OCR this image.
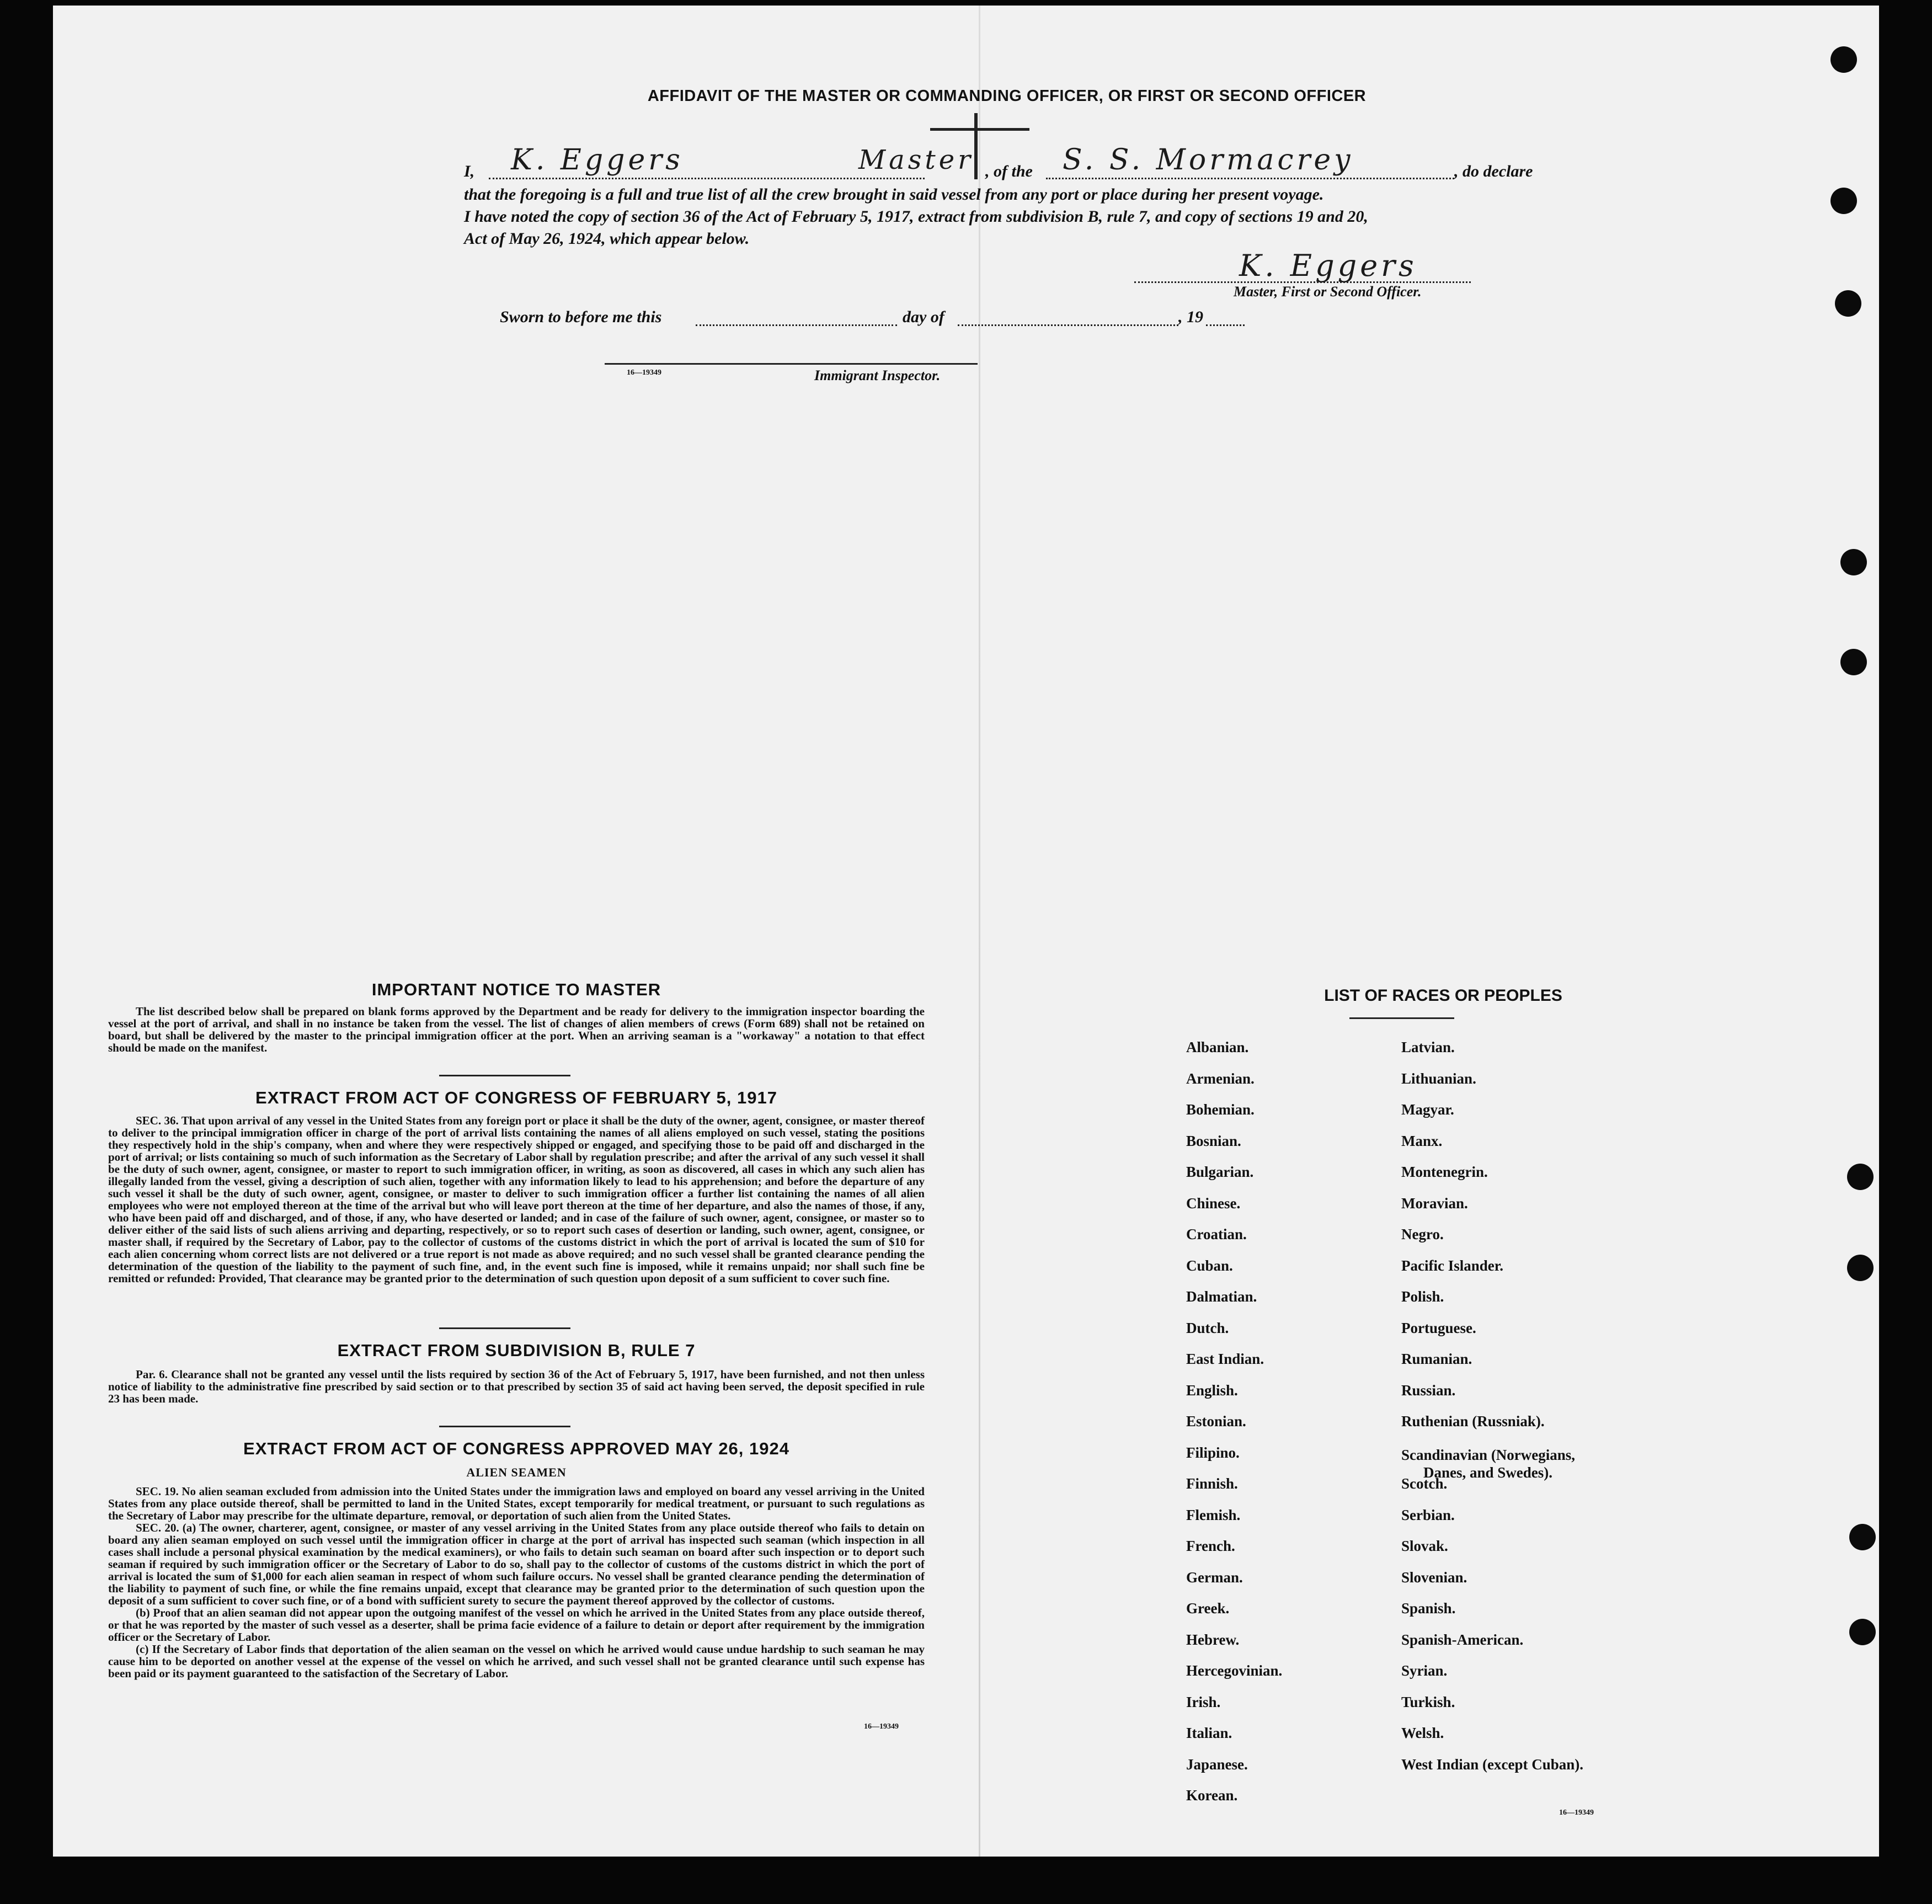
AFFIDAVIT OF THE MASTER OR COMMANDING OFFICER, OR FIRST OR SECOND OFFICER
I, K. Eggers	Master , of the S. S. Mormacrey	, do declare
that the foregoing is a full and true list of all the crew brought in said vessel from any port or place during her present voyage.
I have noted the copy of section 36 of the Act of February 5, 1917, extract from subdivision B, rule 7, and copy of sections 19 and 20,
Act of May 26, 1924, which appear below.
K. Eggers
Master, First or Second Officer.
Sworn to before me this	day of	, 19
16—19349	Immigrant Inspector.
IMPORTANT NOTICE TO MASTER

The list described below shall be prepared on blank forms approved by the Department and be ready for delivery to the immigration inspector boarding the vessel at the port of arrival, and shall in no instance be taken from the vessel. The list of changes of alien members of crews (Form 689) shall not be retained on board, but shall be delivered by the master to the principal immigration officer at the port. When an arriving seaman is a "workaway" a notation to that effect should be made on the manifest.

EXTRACT FROM ACT OF CONGRESS OF FEBRUARY 5, 1917

SEC. 36. That upon arrival of any vessel in the United States from any foreign port or place it shall be the duty of the owner, agent, consignee, or master thereof to deliver to the principal immigration officer in charge of the port of arrival lists containing the names of all aliens employed on such vessel, stating the positions they respectively hold in the ship's company, when and where they were respectively shipped or engaged, and specifying those to be paid off and discharged in the port of arrival; or lists containing so much of such information as the Secretary of Labor shall by regulation prescribe; and after the arrival of any such vessel it shall be the duty of such owner, agent, consignee, or master to report to such immigration officer, in writing, as soon as discovered, all cases in which any such alien has illegally landed from the vessel, giving a description of such alien, together with any information likely to lead to his apprehension; and before the departure of any such vessel it shall be the duty of such owner, agent, consignee, or master to deliver to such immigration officer a further list containing the names of all alien employees who were not employed thereon at the time of the arrival but who will leave port thereon at the time of her departure, and also the names of those, if any, who have been paid off and discharged, and of those, if any, who have deserted or landed; and in case of the failure of such owner, agent, consignee, or master so to deliver either of the said lists of such aliens arriving and departing, respectively, or so to report such cases of desertion or landing, such owner, agent, consignee, or master shall, if required by the Secretary of Labor, pay to the collector of customs of the customs district in which the port of arrival is located the sum of $10 for each alien concerning whom correct lists are not delivered or a true report is not made as above required; and no such vessel shall be granted clearance pending the determination of the question of the liability to the payment of such fine, and, in the event such fine is imposed, while it remains unpaid; nor shall such fine be remitted or refunded: Provided, That clearance may be granted prior to the determination of such question upon deposit of a sum sufficient to cover such fine.

EXTRACT FROM SUBDIVISION B, RULE 7

Par. 6. Clearance shall not be granted any vessel until the lists required by section 36 of the Act of February 5, 1917, have been furnished, and not then unless notice of liability to the administrative fine prescribed by said section or to that prescribed by section 35 of said act having been served, the deposit specified in rule 23 has been made.

EXTRACT FROM ACT OF CONGRESS APPROVED MAY 26, 1924
ALIEN SEAMEN

SEC. 19. No alien seaman excluded from admission into the United States under the immigration laws and employed on board any vessel arriving in the United States from any place outside thereof, shall be permitted to land in the United States, except temporarily for medical treatment, or pursuant to such regulations as the Secretary of Labor may prescribe for the ultimate departure, removal, or deportation of such alien from the United States.

SEC. 20. (a) The owner, charterer, agent, consignee, or master of any vessel arriving in the United States from any place outside thereof who fails to detain on board any alien seaman employed on such vessel until the immigration officer in charge at the port of arrival has inspected such seaman (which inspection in all cases shall include a personal physical examination by the medical examiners), or who fails to detain such seaman on board after such inspection or to deport such seaman if required by such immigration officer or the Secretary of Labor to do so, shall pay to the collector of customs of the customs district in which the port of arrival is located the sum of $1,000 for each alien seaman in respect of whom such failure occurs. No vessel shall be granted clearance pending the determination of the liability to payment of such fine, or while the fine remains unpaid, except that clearance may be granted prior to the determination of such question upon the deposit of a sum sufficient to cover such fine, or of a bond with sufficient surety to secure the payment thereof approved by the collector of customs.

(b) Proof that an alien seaman did not appear upon the outgoing manifest of the vessel on which he arrived in the United States from any place outside thereof, or that he was reported by the master of such vessel as a deserter, shall be prima facie evidence of a failure to detain or deport after requirement by the immigration officer or the Secretary of Labor.

(c) If the Secretary of Labor finds that deportation of the alien seaman on the vessel on which he arrived would cause undue hardship to such seaman he may cause him to be deported on another vessel at the expense of the vessel on which he arrived, and such vessel shall not be granted clearance until such expense has been paid or its payment guaranteed to the satisfaction of the Secretary of Labor.

16—19349
LIST OF RACES OR PEOPLES
16—19349
Albanian.
Armenian.
Bohemian.
Bosnian.
Bulgarian.
Chinese.
Croatian.
Cuban.
Dalmatian.
Dutch.
East Indian.
English.
Estonian.
Filipino.
Finnish.
Flemish.
French.
German.
Greek.
Hebrew.
Hercegovinian.
Irish.
Italian.
Japanese.
Korean.
Latvian.
Lithuanian.
Magyar.
Manx.
Montenegrin.
Moravian.
Negro.
Pacific Islander.
Polish.
Portuguese.
Rumanian.
Russian.
Ruthenian (Russniak).
Scandinavian (Norwegians,
Danes, and Swedes).
Scotch.
Serbian.
Slovak.
Slovenian.
Spanish.
Spanish-American.
Syrian.
Turkish.
Welsh.
West Indian (except Cuban).
